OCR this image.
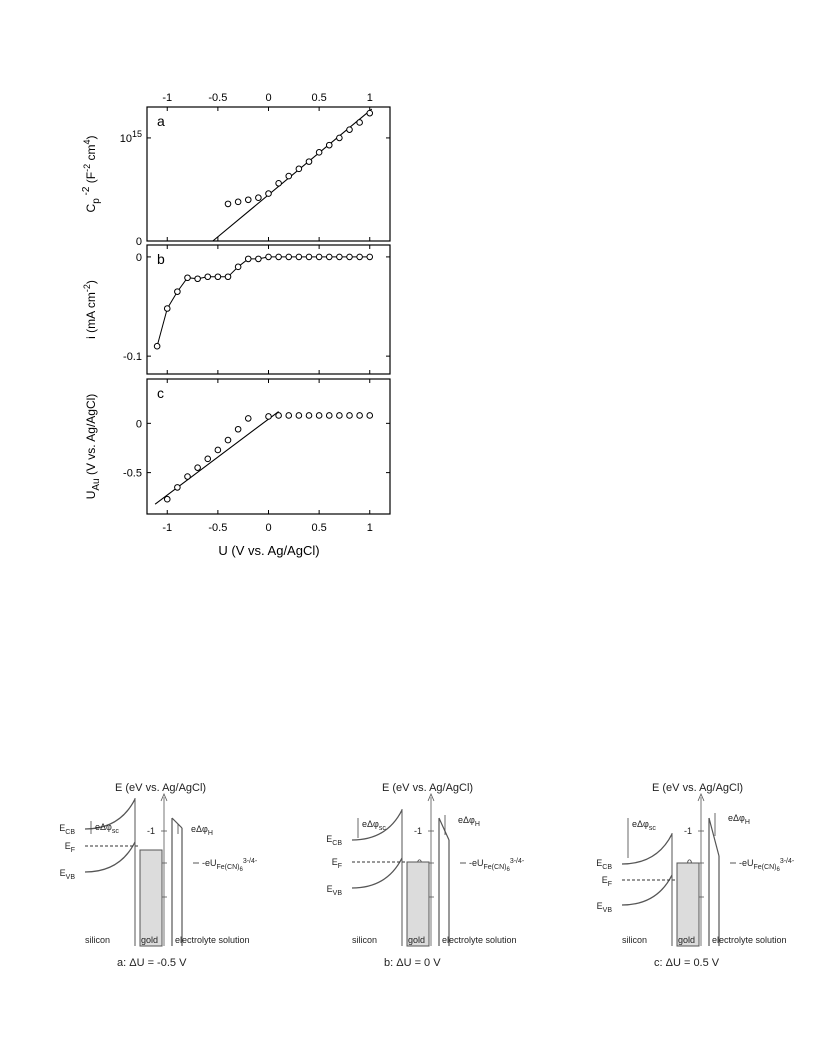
-1	-0.5	0	0.5	1
-1	-0.5	0	0.5	1
U (V vs. Ag/AgCl)
0
$10^{15}$
a
$C_p$ $^{-2}$ ($F^{-2}$ $cm^4$)
0
-0.1
b
i (mA $cm^{-2}$)
0
-0.5
c
$U_{Au}$ (V vs. Ag/AgCl)
E (eV vs. Ag/AgCl)
-1
$-eU_{Fe(CN)6}^{3-/4-}$
eΔφ$_H$
eΔφ$_{sc}$
$E_{CB}$
$E_F$
$E_{VB}$
silicon	gold electrolyte solution
a: ΔU = -0.5 V
E (eV vs. Ag/AgCl)
-1
$-eU_{Fe(CN)6}^{3-/4-}$
eΔφ$_H$
eΔφ$_{sc}$
$E_{CB}$
$E_F$
$E_{VB}$
silicon	gold electrolyte solution
b: ΔU = 0 V
E (eV vs. Ag/AgCl)
-1
$-eU_{Fe(CN)6}^{3-/4-}$
eΔφ$_H$
eΔφ$_{sc}$
$E_{CB}$
$E_F$
$E_{VB}$
silicon	gold electrolyte solution
c: ΔU = 0.5 V
